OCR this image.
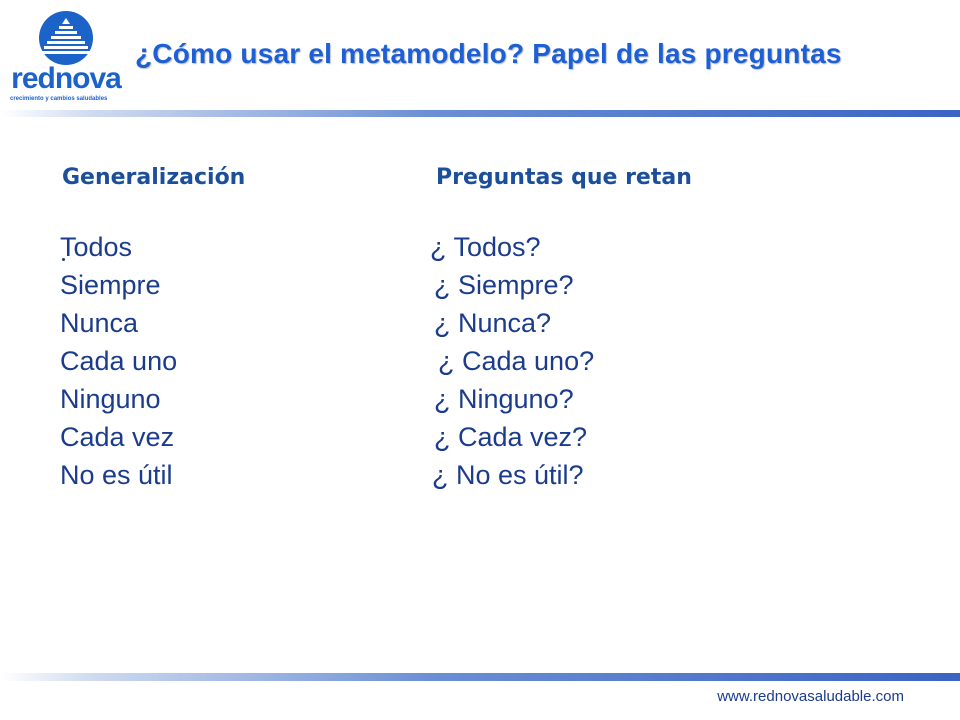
rednova
crecimiento y cambios saludables
¿Cómo usar el metamodelo? Papel de las preguntas
Generalización	Preguntas que retan
Todos
Siempre
Nunca
Cada uno
Ninguno
Cada vez
No es útil
¿ Todos?
¿ Siempre?
¿ Nunca?
¿ Cada uno?
¿ Ninguno?
¿ Cada vez?
¿ No es útil?
www.rednovasaludable.com
